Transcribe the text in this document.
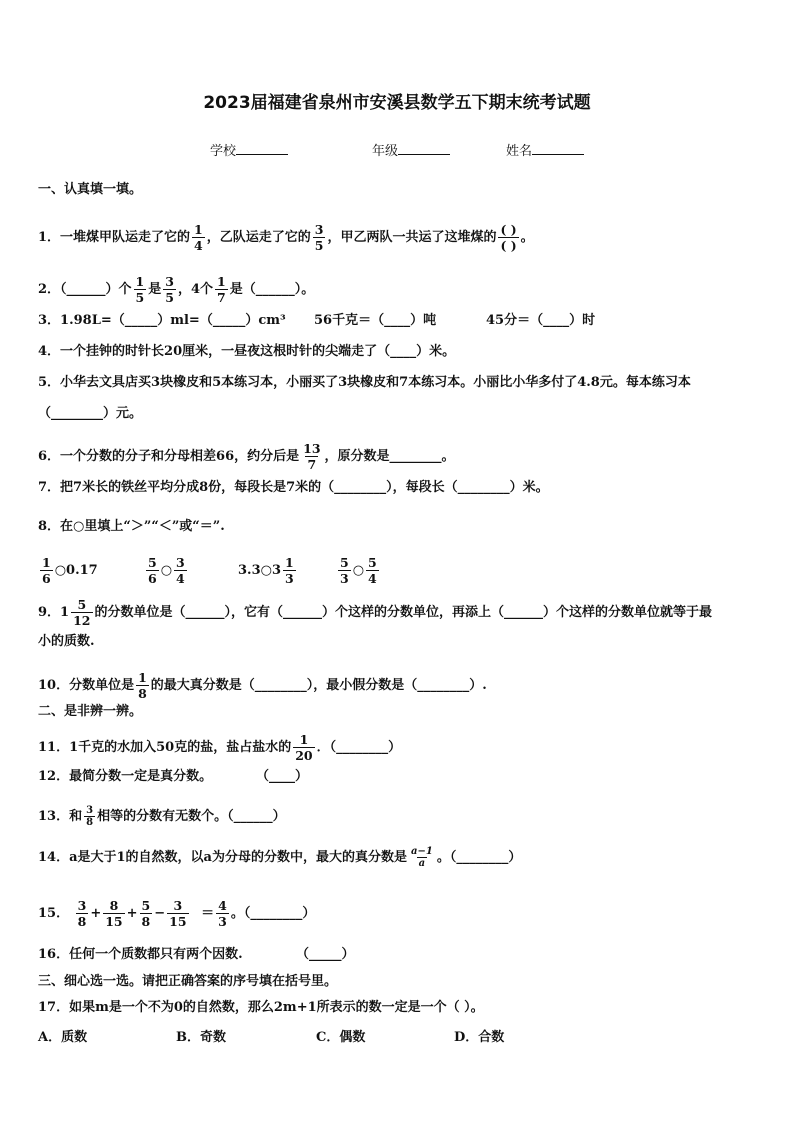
2023届福建省泉州市安溪县数学五下期末统考试题
学校	年级	姓名
一、认真填一填。
1．一堆煤甲队运走了它的 $\frac{1}{4}$ ，乙队运走了它的 $\frac{3}{5}$ ，甲乙两队一共运了这堆煤的 $\frac{( )}{( )}$ 。
2．（______）个 $\frac{1}{5}$ 是 $\frac{3}{5}$ ，4个 $\frac{1}{7}$ 是（______）。
3．1.98L=（_____）ml=（_____）cm³ 56千克＝（____）吨	45分＝（____）时
4．一个挂钟的时针长20厘米，一昼夜这根时针的尖端走了（____）米。
5．小华去文具店买3块橡皮和5本练习本，小丽买了3块橡皮和7本练习本。小丽比小华多付了4.8元。每本练习本
（________）元。
6．一个分数的分子和分母相差66，约分后是 $\frac{13}{7}$ ，原分数是________。
7．把7米长的铁丝平均分成8份，每段长是7米的（________），每段长（________）米。
8．在○里填上“＞”“＜”或“＝”.
$\frac{1}{6}$ ○0.17	$\frac{5}{6}$ ○ $\frac{3}{4}$	3.3○3 $\frac{1}{3}$	$\frac{5}{3}$ ○ $\frac{5}{4}$
9．$1 \frac{5}{12}$ 的分数单位是（______），它有（______）个这样的分数单位，再添上（______）个这样的分数单位就等于最
小的质数.
10．分数单位是 $\frac{1}{8}$ 的最大真分数是（________），最小假分数是（________）.
二、是非辨一辨。
11．1千克的水加入50克的盐，盐占盐水的 $\frac{1}{20}$ ．（________）
12．最简分数一定是真分数。	（____）
13．和 $\frac{3}{8}$ 相等的分数有无数个。（______）
14．a是大于1的自然数，以a为分母的分数中，最大的真分数是 $\frac{a-1}{a}$ 。（________）
15． $\frac{3}{8} + \frac{8}{15} + \frac{5}{8} - \frac{3}{15} = \frac{4}{3}$ 。（________）
16．任何一个质数都只有两个因数.	（_____）
三、细心选一选。请把正确答案的序号填在括号里。
17．如果m是一个不为0的自然数，那么2m+1所表示的数一定是一个（ ）。
A．质数	B．奇数	C．偶数	D．合数
